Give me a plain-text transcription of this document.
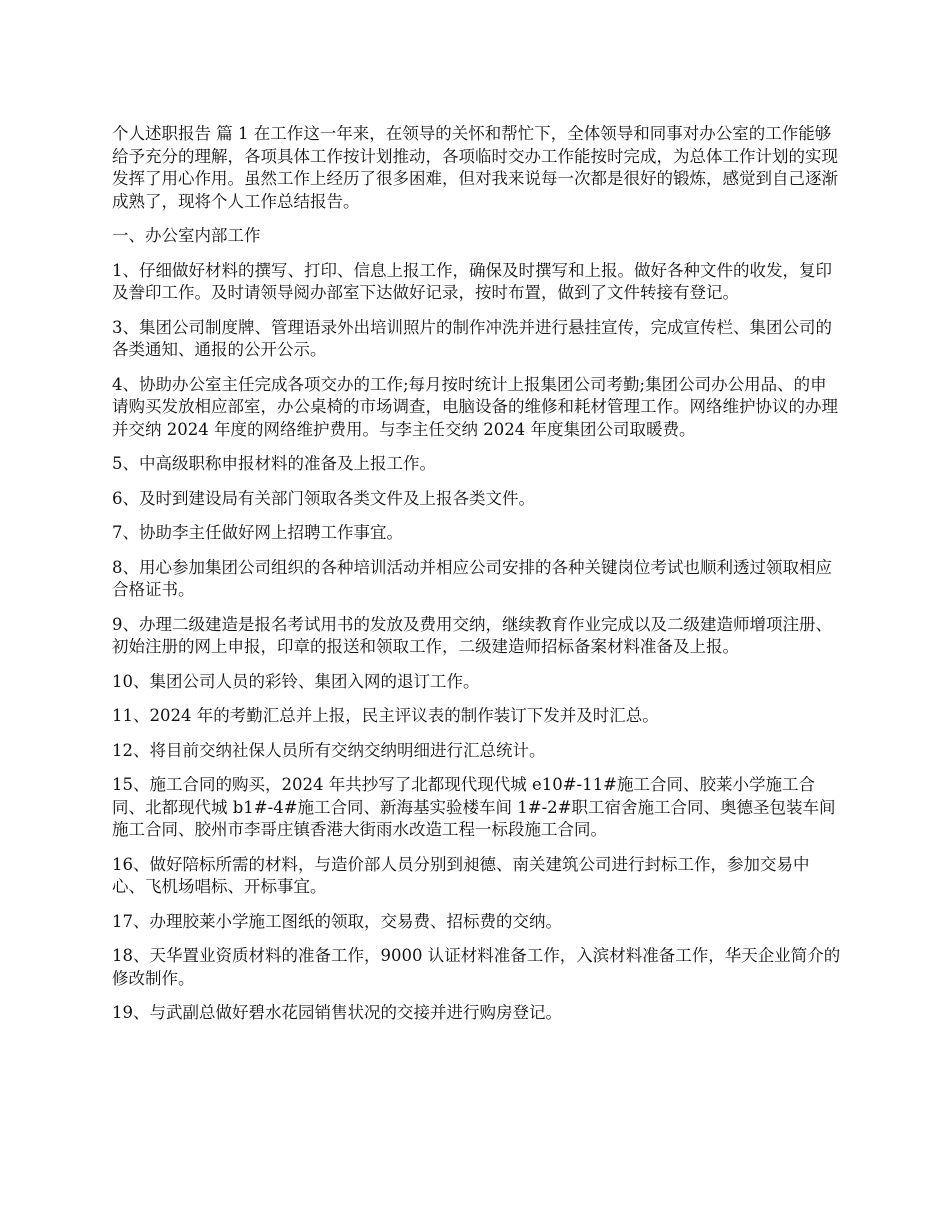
个人述职报告 篇 1 在工作这一年来，在领导的关怀和帮忙下，全体领导和同事对办公室的工作能够给予充分的理解，各项具体工作按计划推动，各项临时交办工作能按时完成，为总体工作计划的实现发挥了用心作用。虽然工作上经历了很多困难，但对我来说每一次都是很好的锻炼，感觉到自己逐渐成熟了，现将个人工作总结报告。

一、办公室内部工作

1、仔细做好材料的撰写、打印、信息上报工作，确保及时撰写和上报。做好各种文件的收发，复印及誊印工作。及时请领导阅办部室下达做好记录，按时布置，做到了文件转接有登记。

3、集团公司制度牌、管理语录外出培训照片的制作冲洗并进行悬挂宣传，完成宣传栏、集团公司的各类通知、通报的公开公示。

4、协助办公室主任完成各项交办的工作;每月按时统计上报集团公司考勤;集团公司办公用品、的申请购买发放相应部室，办公桌椅的市场调查，电脑设备的维修和耗材管理工作。网络维护协议的办理并交纳 2024 年度的网络维护费用。与李主任交纳 2024 年度集团公司取暖费。

5、中高级职称申报材料的准备及上报工作。

6、及时到建设局有关部门领取各类文件及上报各类文件。

7、协助李主任做好网上招聘工作事宜。

8、用心参加集团公司组织的各种培训活动并相应公司安排的各种关键岗位考试也顺利透过领取相应合格证书。

9、办理二级建造是报名考试用书的发放及费用交纳，继续教育作业完成以及二级建造师增项注册、初始注册的网上申报，印章的报送和领取工作，二级建造师招标备案材料准备及上报。

10、集团公司人员的彩铃、集团入网的退订工作。

11、2024 年的考勤汇总并上报，民主评议表的制作装订下发并及时汇总。

12、将目前交纳社保人员所有交纳交纳明细进行汇总统计。

15、施工合同的购买，2024 年共抄写了北都现代现代城 e10#-11#施工合同、胶莱小学施工合同、北都现代城 b1#-4#施工合同、新海基实验楼车间 1#-2#职工宿舍施工合同、奥德圣包装车间施工合同、胶州市李哥庄镇香港大街雨水改造工程一标段施工合同。

16、做好陪标所需的材料，与造价部人员分别到昶德、南关建筑公司进行封标工作，参加交易中心、飞机场唱标、开标事宜。

17、办理胶莱小学施工图纸的领取，交易费、招标费的交纳。

18、天华置业资质材料的准备工作，9000 认证材料准备工作，入滨材料准备工作，华天企业简介的修改制作。

19、与武副总做好碧水花园销售状况的交接并进行购房登记。
